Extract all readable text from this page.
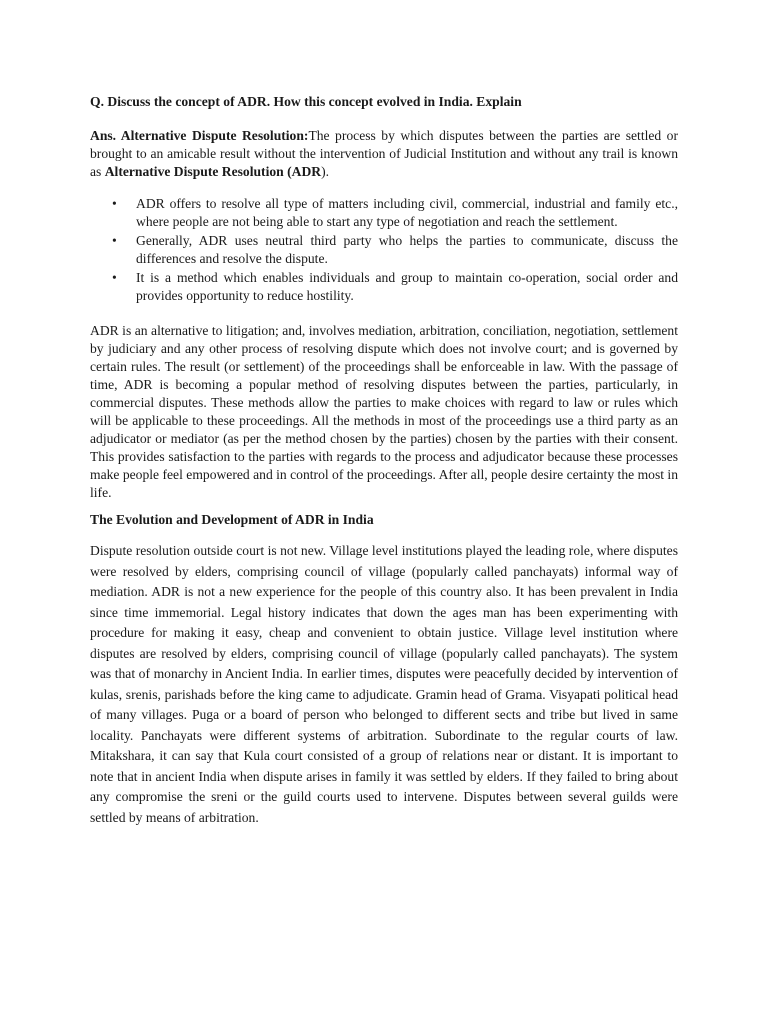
Q. Discuss the concept of ADR. How this concept evolved in India. Explain

Ans. Alternative Dispute Resolution:The process by which disputes between the parties are settled or brought to an amicable result without the intervention of Judicial Institution and without any trail is known as Alternative Dispute Resolution (ADR).

• ADR offers to resolve all type of matters including civil, commercial, industrial and family etc., where people are not being able to start any type of negotiation and reach the settlement.
• Generally, ADR uses neutral third party who helps the parties to communicate, discuss the differences and resolve the dispute.
• It is a method which enables individuals and group to maintain co-operation, social order and provides opportunity to reduce hostility.

ADR is an alternative to litigation; and, involves mediation, arbitration, conciliation, negotiation, settlement by judiciary and any other process of resolving dispute which does not involve court; and is governed by certain rules. The result (or settlement) of the proceedings shall be enforceable in law. With the passage of time, ADR is becoming a popular method of resolving disputes between the parties, particularly, in commercial disputes. These methods allow the parties to make choices with regard to law or rules which will be applicable to these proceedings. All the methods in most of the proceedings use a third party as an adjudicator or mediator (as per the method chosen by the parties) chosen by the parties with their consent. This provides satisfaction to the parties with regards to the process and adjudicator because these processes make people feel empowered and in control of the proceedings. After all, people desire certainty the most in life.

The Evolution and Development of ADR in India

Dispute resolution outside court is not new. Village level institutions played the leading role, where disputes were resolved by elders, comprising council of village (popularly called panchayats) informal way of mediation. ADR is not a new experience for the people of this country also. It has been prevalent in India since time immemorial. Legal history indicates that down the ages man has been experimenting with procedure for making it easy, cheap and convenient to obtain justice. Village level institution where disputes are resolved by elders, comprising council of village (popularly called panchayats). The system was that of monarchy in Ancient India. In earlier times, disputes were peacefully decided by intervention of kulas, srenis, parishads before the king came to adjudicate. Gramin head of Grama. Visyapati political head of many villages. Puga or a board of person who belonged to different sects and tribe but lived in same locality. Panchayats were different systems of arbitration. Subordinate to the regular courts of law. Mitakshara, it can say that Kula court consisted of a group of relations near or distant. It is important to note that in ancient India when dispute arises in family it was settled by elders. If they failed to bring about any compromise the sreni or the guild courts used to intervene. Disputes between several guilds were settled by means of arbitration.
